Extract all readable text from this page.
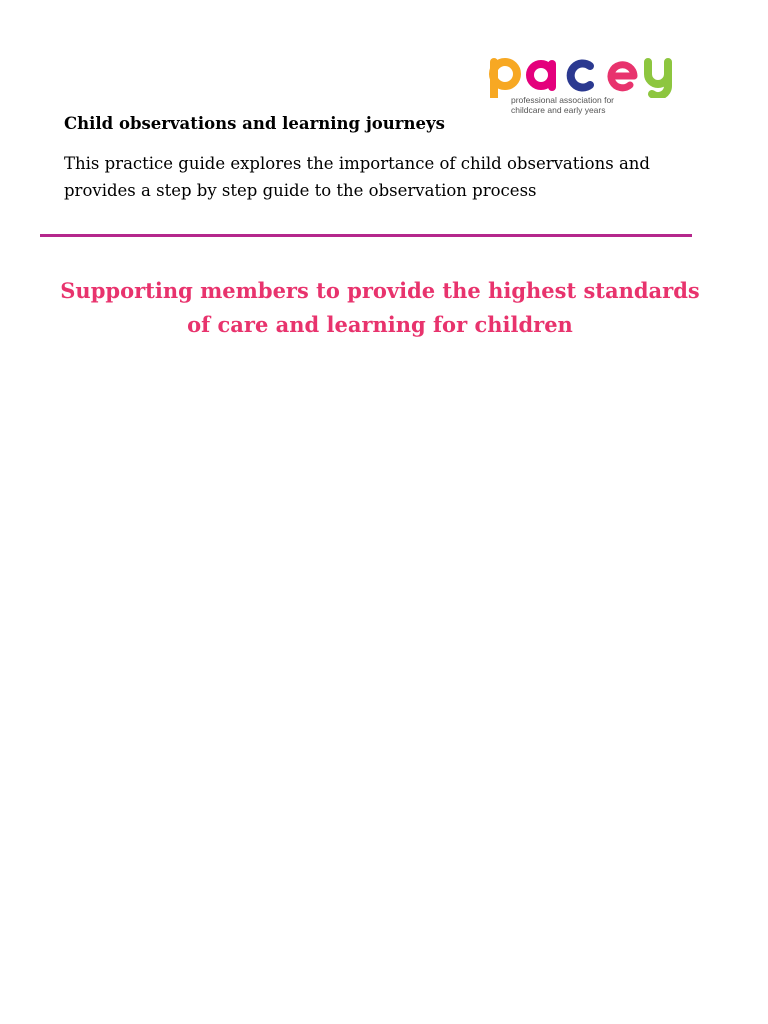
professional association for
childcare and early years
Child observations and learning journeys

This practice guide explores the importance of child observations and provides a step by step guide to the observation process

Supporting members to provide the highest standards of care and learning for children
